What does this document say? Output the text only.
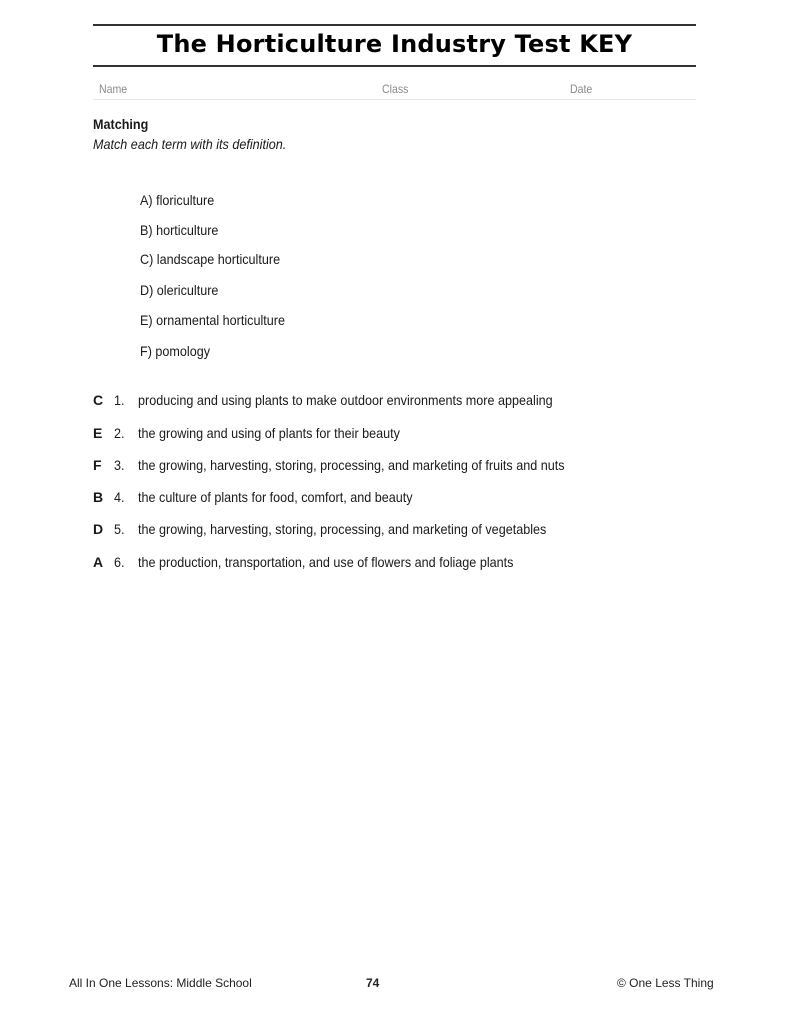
The Horticulture Industry Test KEY
Name	Class	Date
Matching
Match each term with its definition.
A) floriculture
B) horticulture
C) landscape horticulture
D) olericulture
E) ornamental horticulture
F) pomology
C 1. producing and using plants to make outdoor environments more appealing
E 2. the growing and using of plants for their beauty
F 3. the growing, harvesting, storing, processing, and marketing of fruits and nuts
B 4. the culture of plants for food, comfort, and beauty
D 5. the growing, harvesting, storing, processing, and marketing of vegetables
A 6. the production, transportation, and use of flowers and foliage plants
All In One Lessons: Middle School	74	© One Less Thing
